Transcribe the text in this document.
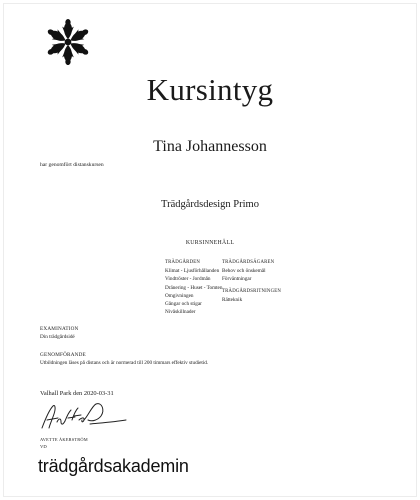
Kursintyg
Tina Johannesson
har genomfört distanskursen
Trädgårdsdesign Primo
KURSINNEHÅLL
TRÄDGÅRDEN
Klimat - Ljusförhållanden
Vindtröster - Jordmån
Dränering - Huset - Tomten
Omgivningen
Gångar och stigar
Nivåskillnader
TRÄDGÅRDSÄGAREN
Behov och önskemål
Förväntningar
TRÄDGÅRDSRITNINGEN
Rätteknik
EXAMINATION
Din trädgårdsidé
GENOMFÖRANDE
Utbildningen läses på distans och är normerad till 200 timmars effektiv studietid.
Valhall Park den 2020-03-31
AVETTE ÅKERSTRÖM
VD
trädgårdsakademin
